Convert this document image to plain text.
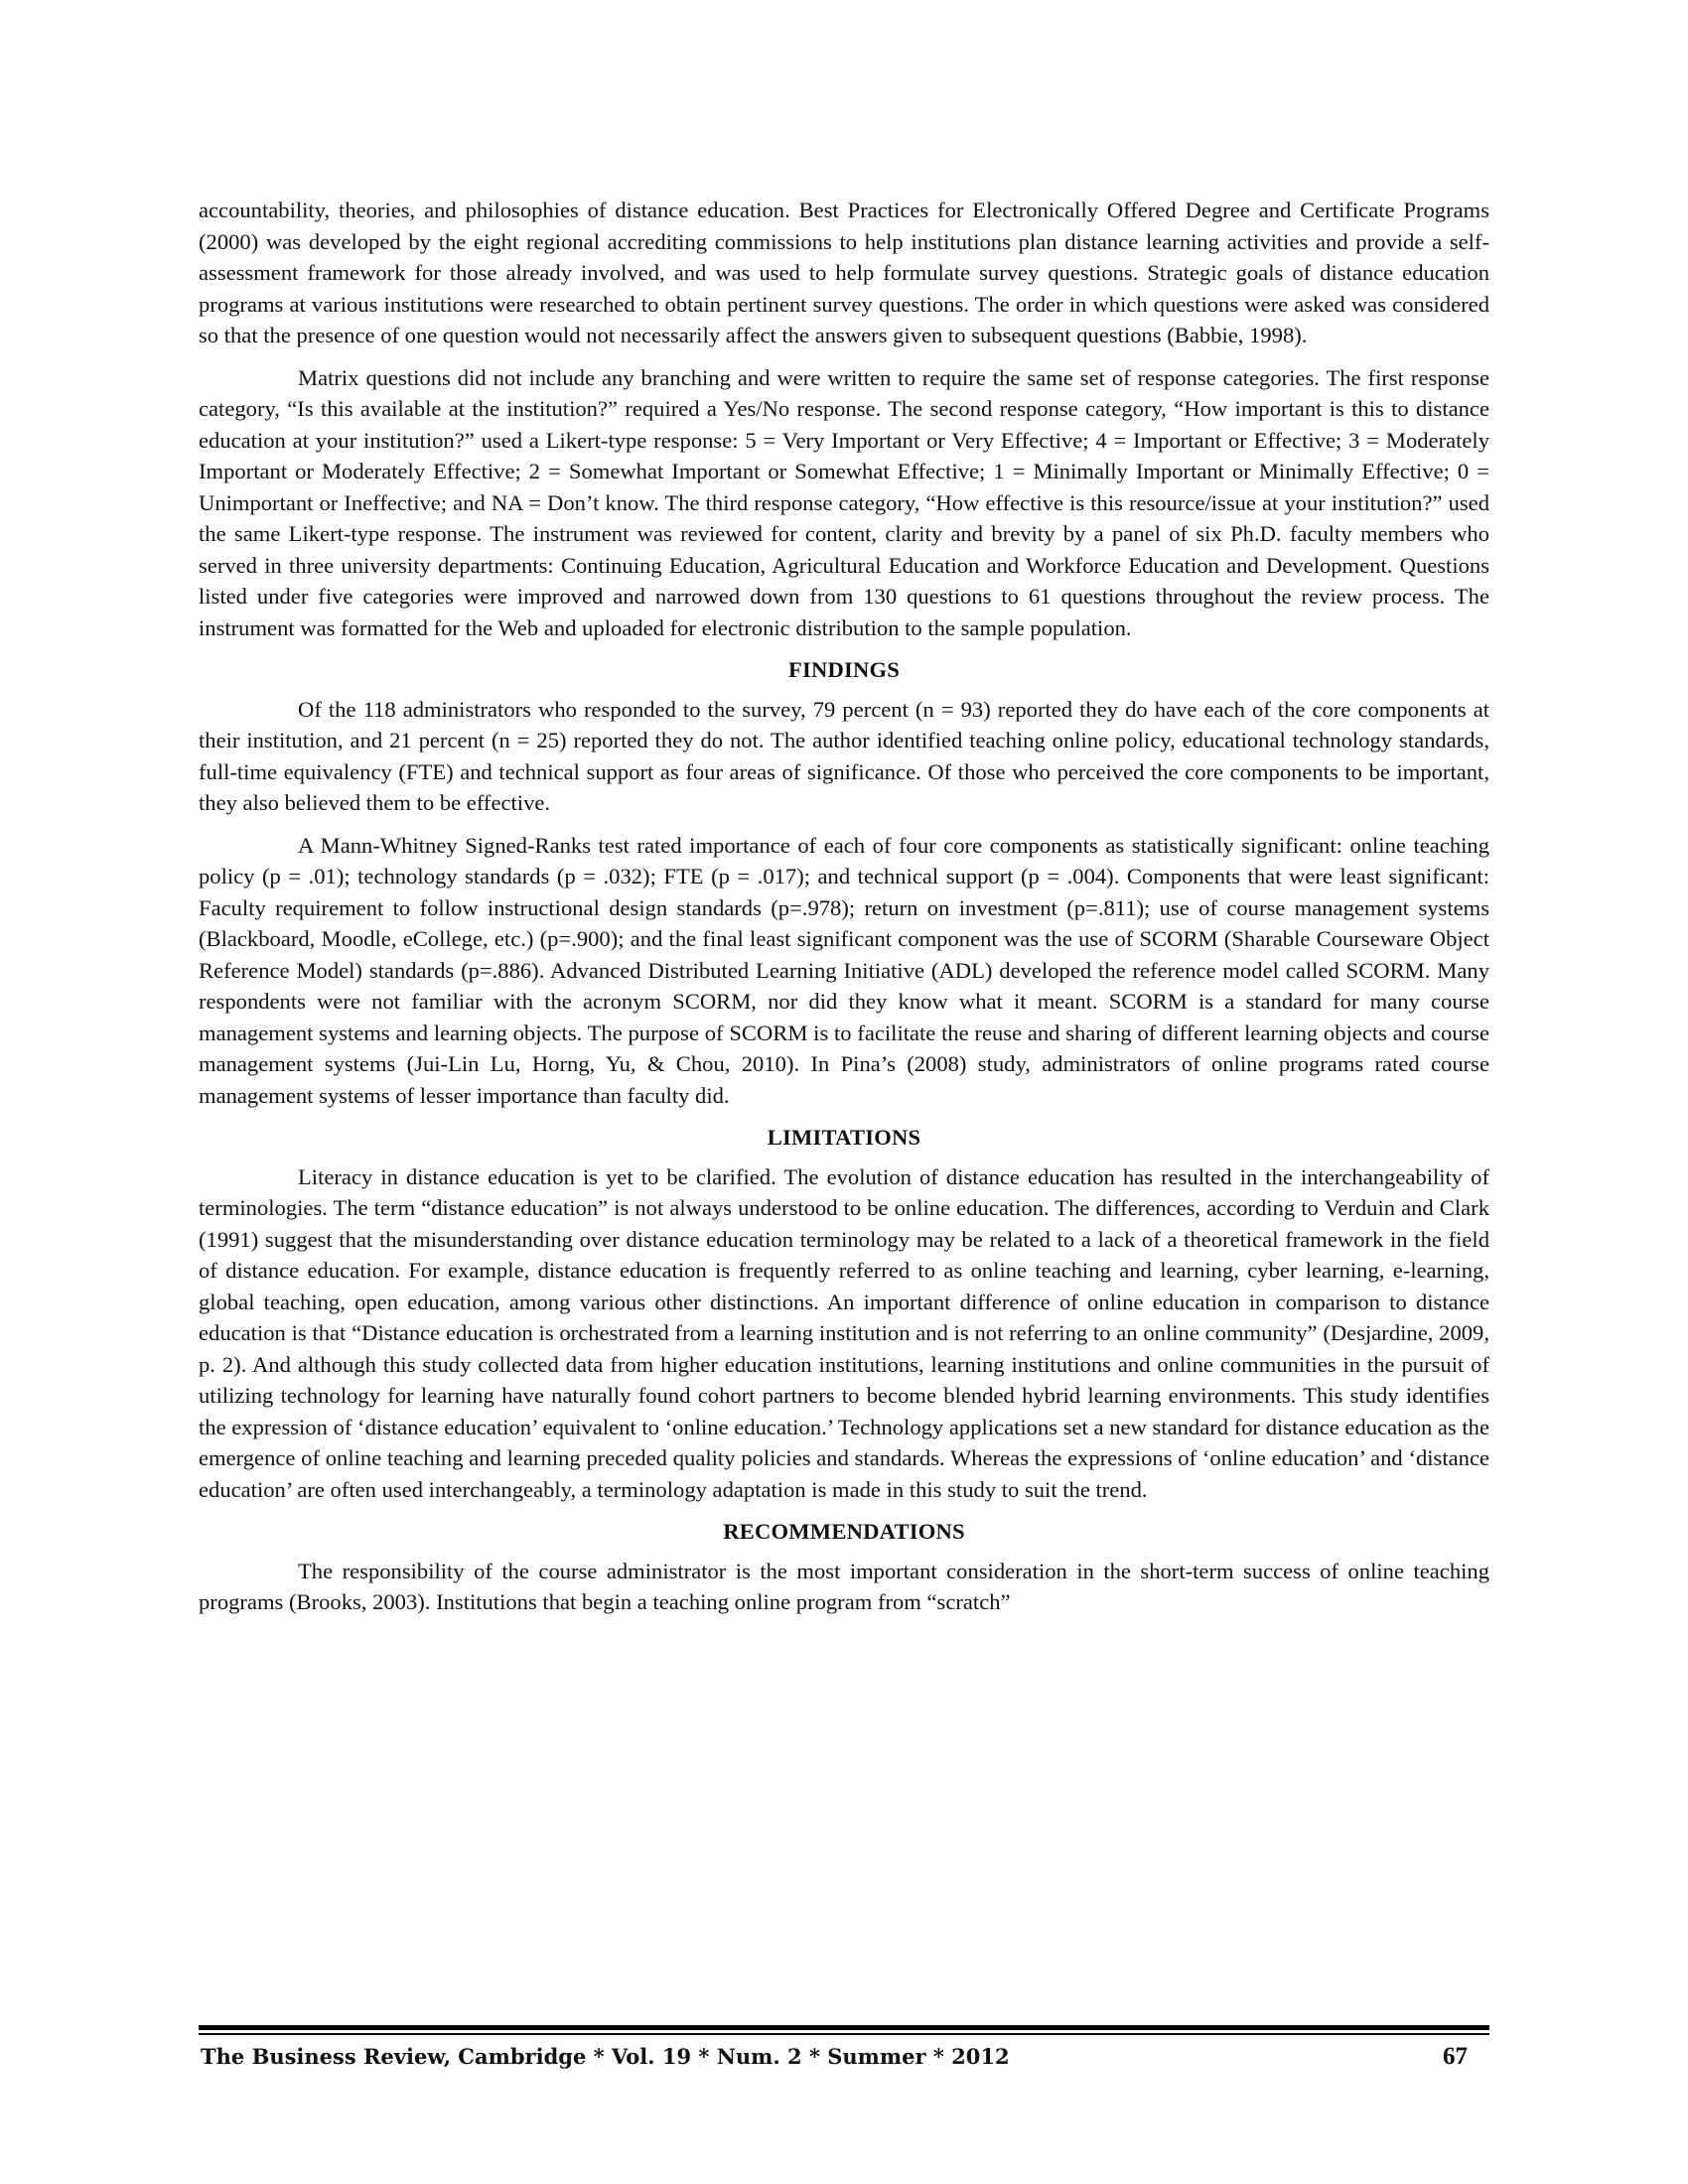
accountability, theories, and philosophies of distance education. Best Practices for Electronically Offered Degree and Certificate Programs (2000) was developed by the eight regional accrediting commissions to help institutions plan distance learning activities and provide a self-assessment framework for those already involved, and was used to help formulate survey questions. Strategic goals of distance education programs at various institutions were researched to obtain pertinent survey questions. The order in which questions were asked was considered so that the presence of one question would not necessarily affect the answers given to subsequent questions (Babbie, 1998).

Matrix questions did not include any branching and were written to require the same set of response categories. The first response category, “Is this available at the institution?” required a Yes/No response. The second response category, “How important is this to distance education at your institution?” used a Likert-type response: 5 = Very Important or Very Effective; 4 = Important or Effective; 3 = Moderately Important or Moderately Effective; 2 = Somewhat Important or Somewhat Effective; 1 = Minimally Important or Minimally Effective; 0 = Unimportant or Ineffective; and NA = Don’t know. The third response category, “How effective is this resource/issue at your institution?” used the same Likert-type response. The instrument was reviewed for content, clarity and brevity by a panel of six Ph.D. faculty members who served in three university departments: Continuing Education, Agricultural Education and Workforce Education and Development. Questions listed under five categories were improved and narrowed down from 130 questions to 61 questions throughout the review process. The instrument was formatted for the Web and uploaded for electronic distribution to the sample population.

FINDINGS

Of the 118 administrators who responded to the survey, 79 percent (n = 93) reported they do have each of the core components at their institution, and 21 percent (n = 25) reported they do not. The author identified teaching online policy, educational technology standards, full-time equivalency (FTE) and technical support as four areas of significance. Of those who perceived the core components to be important, they also believed them to be effective.

A Mann-Whitney Signed-Ranks test rated importance of each of four core components as statistically significant: online teaching policy (p = .01); technology standards (p = .032); FTE (p = .017); and technical support (p = .004). Components that were least significant: Faculty requirement to follow instructional design standards (p=.978); return on investment (p=.811); use of course management systems (Blackboard, Moodle, eCollege, etc.) (p=.900); and the final least significant component was the use of SCORM (Sharable Courseware Object Reference Model) standards (p=.886). Advanced Distributed Learning Initiative (ADL) developed the reference model called SCORM. Many respondents were not familiar with the acronym SCORM, nor did they know what it meant. SCORM is a standard for many course management systems and learning objects. The purpose of SCORM is to facilitate the reuse and sharing of different learning objects and course management systems (Jui-Lin Lu, Horng, Yu, & Chou, 2010). In Pina’s (2008) study, administrators of online programs rated course management systems of lesser importance than faculty did.

LIMITATIONS

Literacy in distance education is yet to be clarified. The evolution of distance education has resulted in the interchangeability of terminologies. The term “distance education” is not always understood to be online education. The differences, according to Verduin and Clark (1991) suggest that the misunderstanding over distance education terminology may be related to a lack of a theoretical framework in the field of distance education. For example, distance education is frequently referred to as online teaching and learning, cyber learning, e-learning, global teaching, open education, among various other distinctions. An important difference of online education in comparison to distance education is that “Distance education is orchestrated from a learning institution and is not referring to an online community” (Desjardine, 2009, p. 2). And although this study collected data from higher education institutions, learning institutions and online communities in the pursuit of utilizing technology for learning have naturally found cohort partners to become blended hybrid learning environments. This study identifies the expression of ‘distance education’ equivalent to ‘online education.’ Technology applications set a new standard for distance education as the emergence of online teaching and learning preceded quality policies and standards. Whereas the expressions of ‘online education’ and ‘distance education’ are often used interchangeably, a terminology adaptation is made in this study to suit the trend.

RECOMMENDATIONS

The responsibility of the course administrator is the most important consideration in the short-term success of online teaching programs (Brooks, 2003). Institutions that begin a teaching online program from “scratch”

The Business Review, Cambridge * Vol. 19 * Num. 2 * Summer * 2012	67
